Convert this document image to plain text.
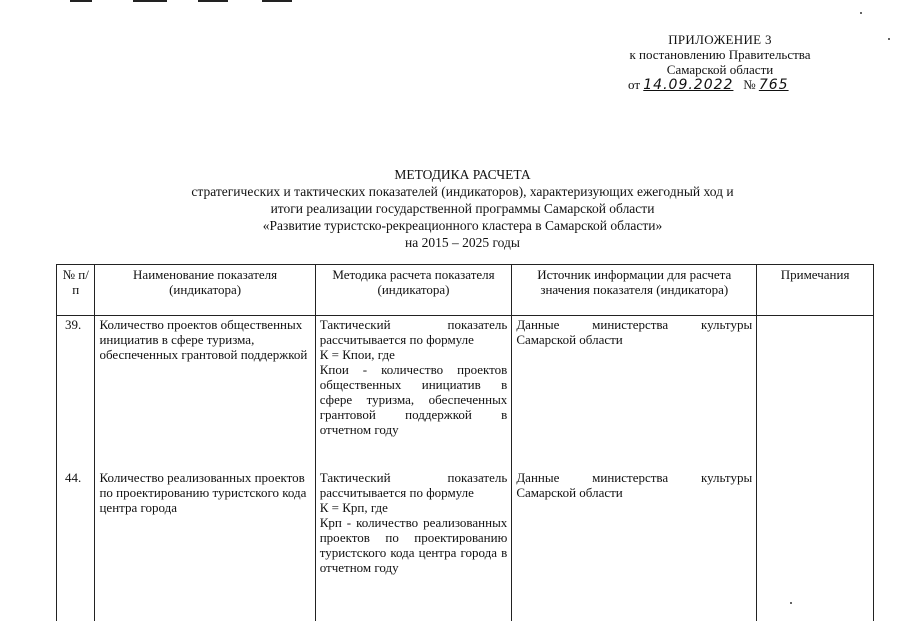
ПРИЛОЖЕНИЕ 3
к постановлению Правительства
Самарской области
от 14.09.2022 № 765
МЕТОДИКА РАСЧЕТА
стратегических и тактических показателей (индикаторов), характеризующих ежегодный ход и
итоги реализации государственной программы Самарской области
«Развитие туристско-рекреационного кластера в Самарской области»
на 2015 – 2025 годы
№ п/п	Наименование показателя (индикатора)	Методика расчета показателя (индикатора)	Источник информации для расчета значения показателя (индикатора)	Примечания
39.	Количество проектов общественных инициатив в сфере туризма, обеспеченных грантовой поддержкой	Тактический показатель рассчитывается по формуле
К = Кпои, где
Кпои - количество проектов общественных инициатив в сфере туризма, обеспеченных грантовой поддержкой в отчетном году	Данные министерства культуры Самарской области	
44.	Количество реализованных проектов по проектированию туристского кода центра города	Тактический показатель рассчитывается по формуле
К = Крп, где
Крп - количество реализованных проектов по проектированию туристского кода центра города в отчетном году	Данные министерства культуры Самарской области	
